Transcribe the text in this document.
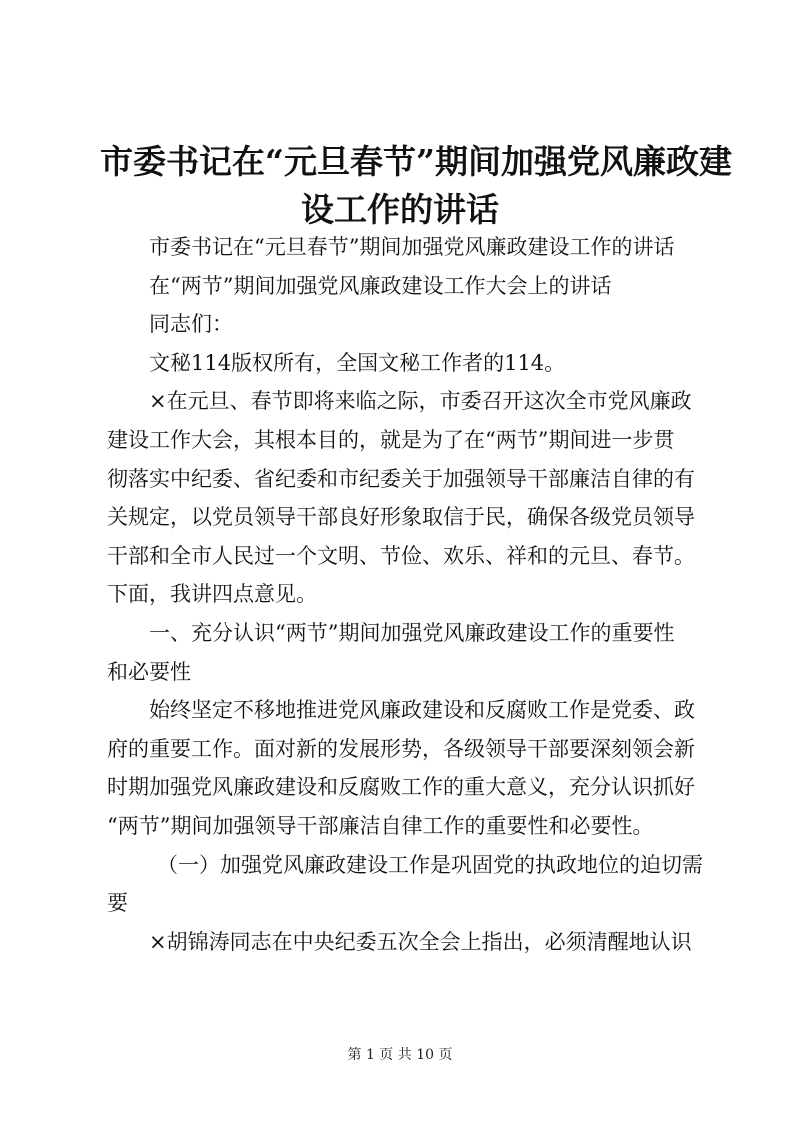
市委书记在“元旦春节”期间加强党风廉政建
设工作的讲话
市委书记在“元旦春节”期间加强党风廉政建设工作的讲话
在“两节”期间加强党风廉政建设工作大会上的讲话
同志们：
文秘114版权所有，全国文秘工作者的114。
×在元旦、春节即将来临之际，市委召开这次全市党风廉政
建设工作大会，其根本目的，就是为了在“两节”期间进一步贯
彻落实中纪委、省纪委和市纪委关于加强领导干部廉洁自律的有
关规定，以党员领导干部良好形象取信于民，确保各级党员领导
干部和全市人民过一个文明、节俭、欢乐、祥和的元旦、春节。
下面，我讲四点意见。
一、充分认识“两节”期间加强党风廉政建设工作的重要性
和必要性
始终坚定不移地推进党风廉政建设和反腐败工作是党委、政
府的重要工作。面对新的发展形势，各级领导干部要深刻领会新
时期加强党风廉政建设和反腐败工作的重大意义，充分认识抓好
“两节”期间加强领导干部廉洁自律工作的重要性和必要性。
（一）加强党风廉政建设工作是巩固党的执政地位的迫切需
要
×胡锦涛同志在中央纪委五次全会上指出，必须清醒地认识
第 1 页 共 10 页
